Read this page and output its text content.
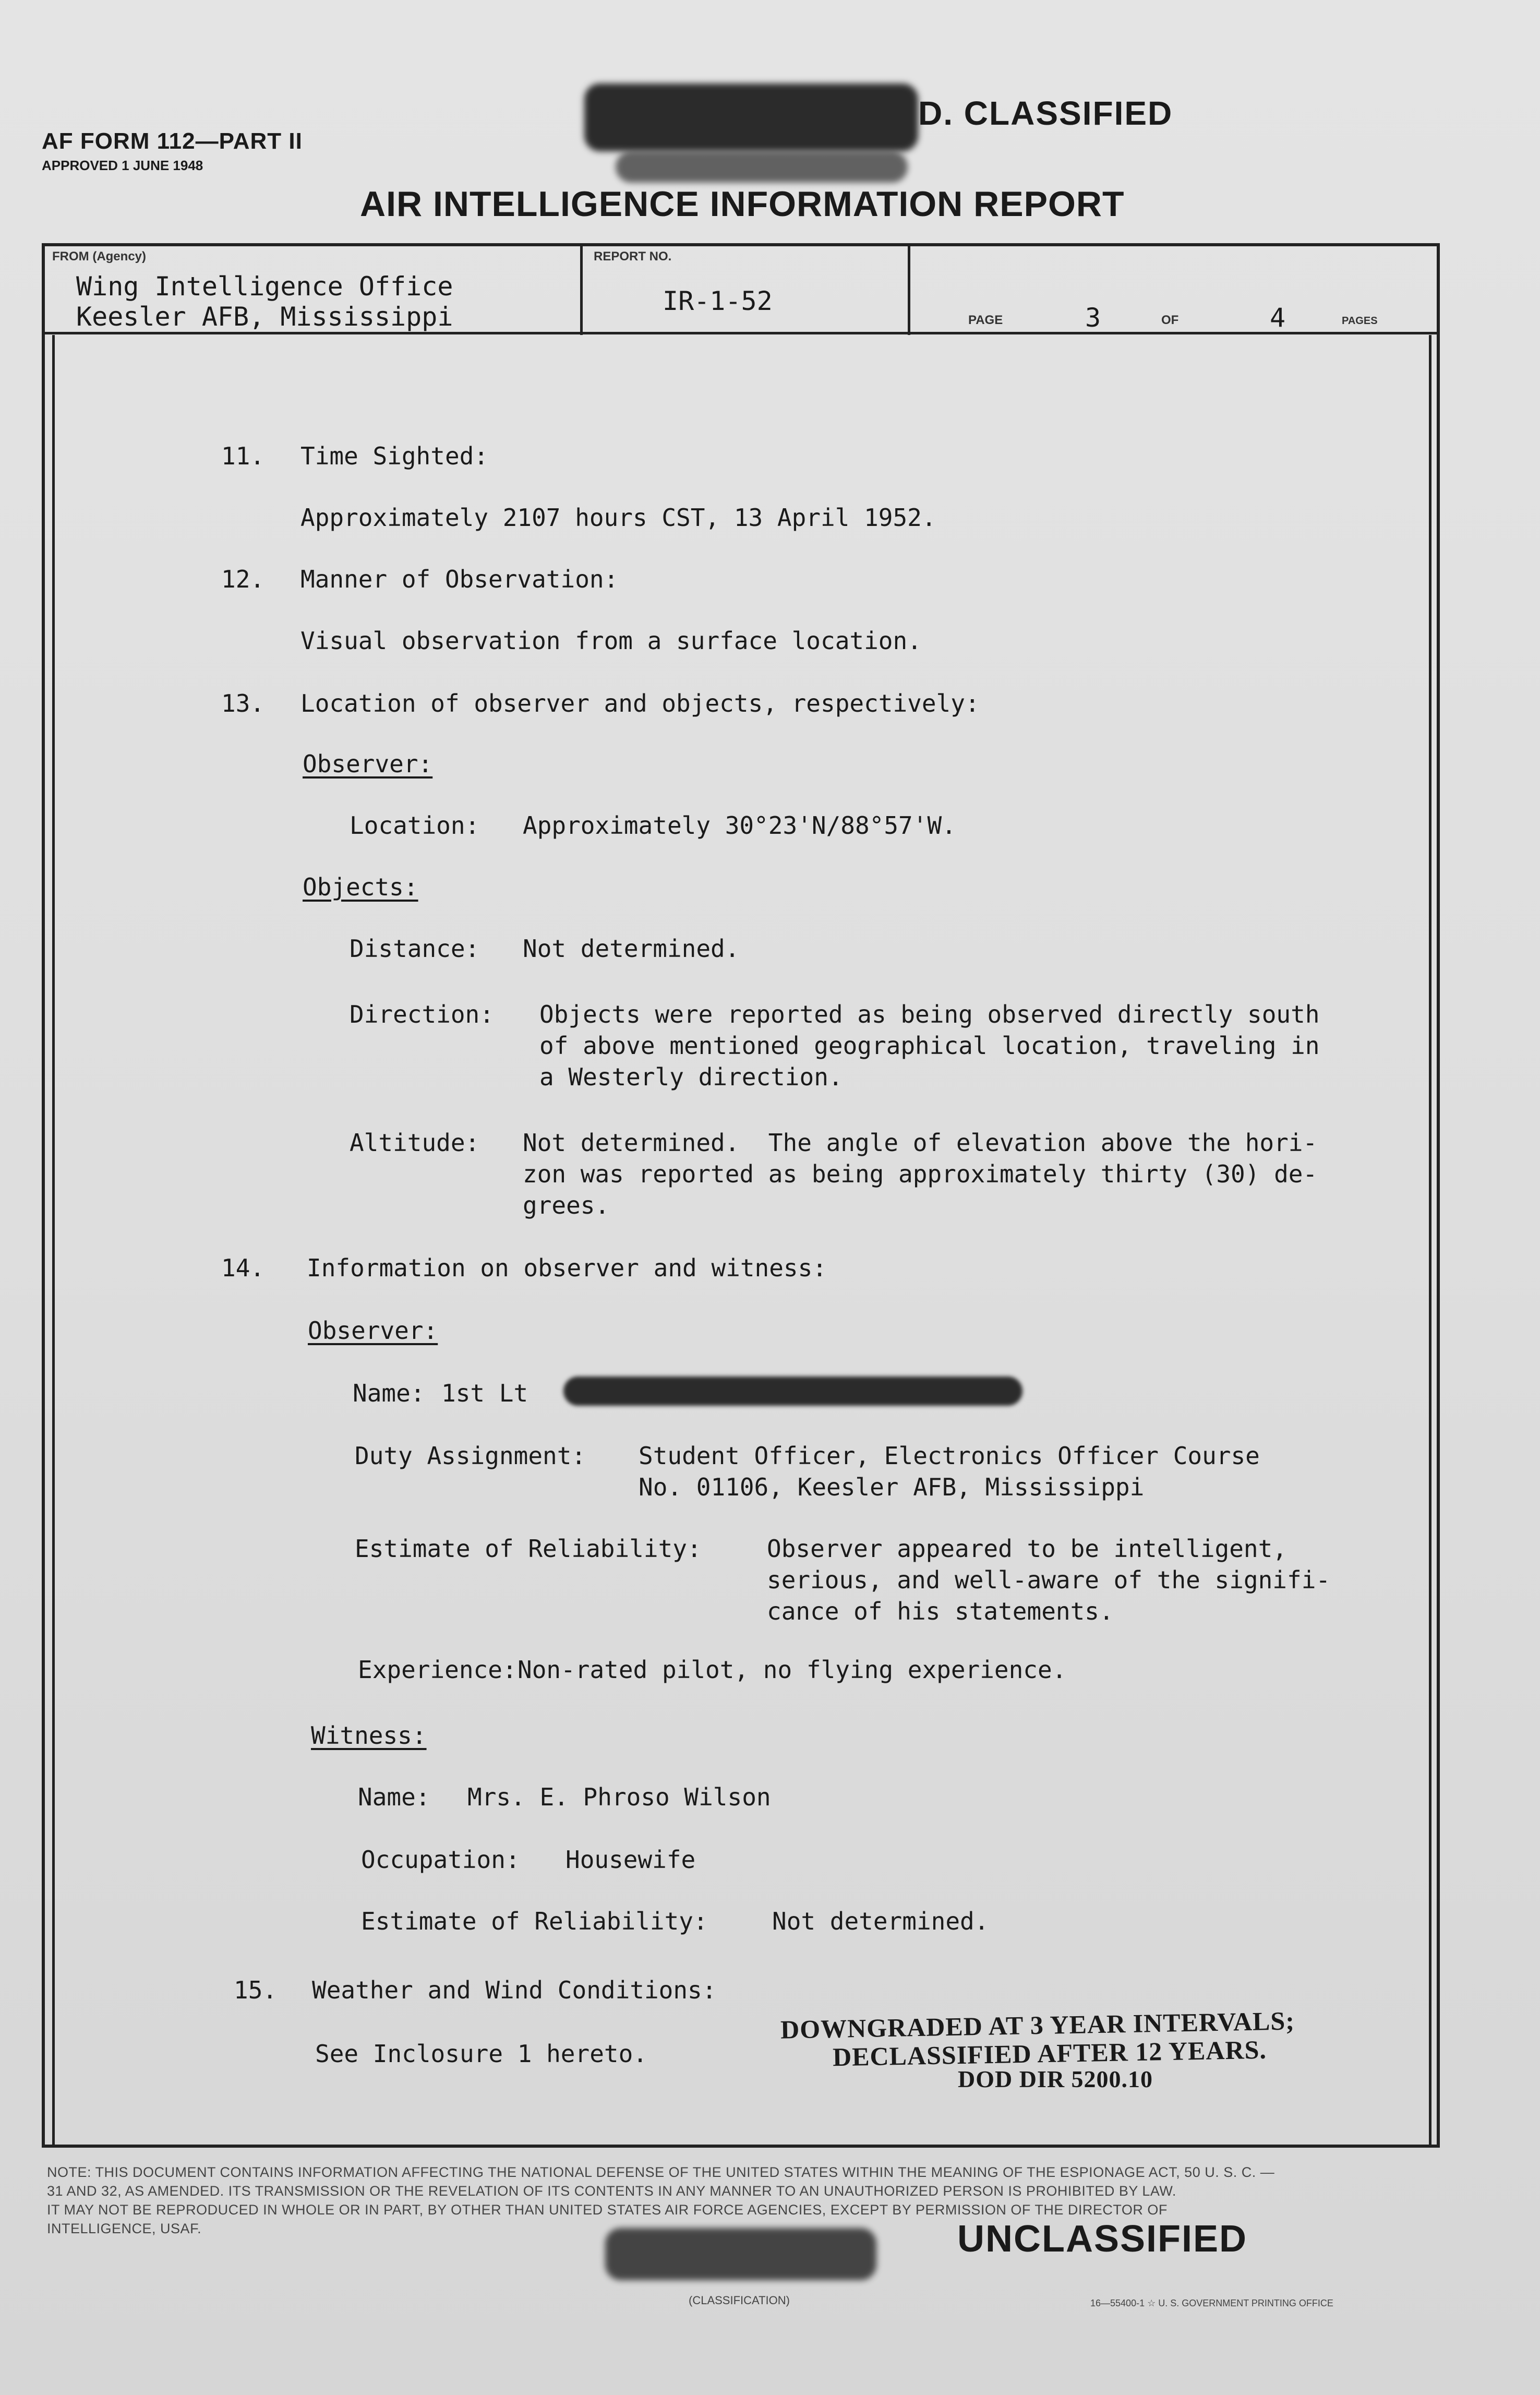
AF FORM 112—PART II
APPROVED 1 JUNE 1948
D. CLASSIFIED
AIR INTELLIGENCE INFORMATION REPORT
FROM (Agency)
Wing Intelligence Office
Keesler AFB, Mississippi
REPORT NO.
IR-1-52
PAGE	3	OF	4	PAGES
11. Time Sighted:
Approximately 2107 hours CST, 13 April 1952.
12. Manner of Observation:
Visual observation from a surface location.
13. Location of observer and objects, respectively:
Observer:
Location: Approximately 30°23'N/88°57'W.
Objects:
Distance: Not determined.
Direction: Objects were reported as being observed directly south
of above mentioned geographical location, traveling in
a Westerly direction.
Altitude: Not determined.  The angle of elevation above the hori-
zon was reported as being approximately thirty (30) de-
grees.
14. Information on observer and witness:
Observer:
Name: 1st Lt
Duty Assignment: Student Officer, Electronics Officer Course
No. 01106, Keesler AFB, Mississippi
Estimate of Reliability:	Observer appeared to be intelligent,
serious, and well-aware of the signifi-
cance of his statements.
Experience: Non-rated pilot, no flying experience.
Witness:
Name: Mrs. E. Phroso Wilson
Occupation: Housewife
Estimate of Reliability:	Not determined.
15. Weather and Wind Conditions:
See Inclosure 1 hereto.
DOWNGRADED AT 3 YEAR INTERVALS;
DECLASSIFIED AFTER 12 YEARS.
DOD DIR 5200.10
NOTE: THIS DOCUMENT CONTAINS INFORMATION AFFECTING THE NATIONAL DEFENSE OF THE UNITED STATES WITHIN THE MEANING OF THE ESPIONAGE ACT, 50 U. S. C. —
31 AND 32, AS AMENDED. ITS TRANSMISSION OR THE REVELATION OF ITS CONTENTS IN ANY MANNER TO AN UNAUTHORIZED PERSON IS PROHIBITED BY LAW.
IT MAY NOT BE REPRODUCED IN WHOLE OR IN PART, BY OTHER THAN UNITED STATES AIR FORCE AGENCIES, EXCEPT BY PERMISSION OF THE DIRECTOR OF
INTELLIGENCE, USAF.	UNCLASSIFIED
(CLASSIFICATION)	16—55400-1 ☆ U. S. GOVERNMENT PRINTING OFFICE
